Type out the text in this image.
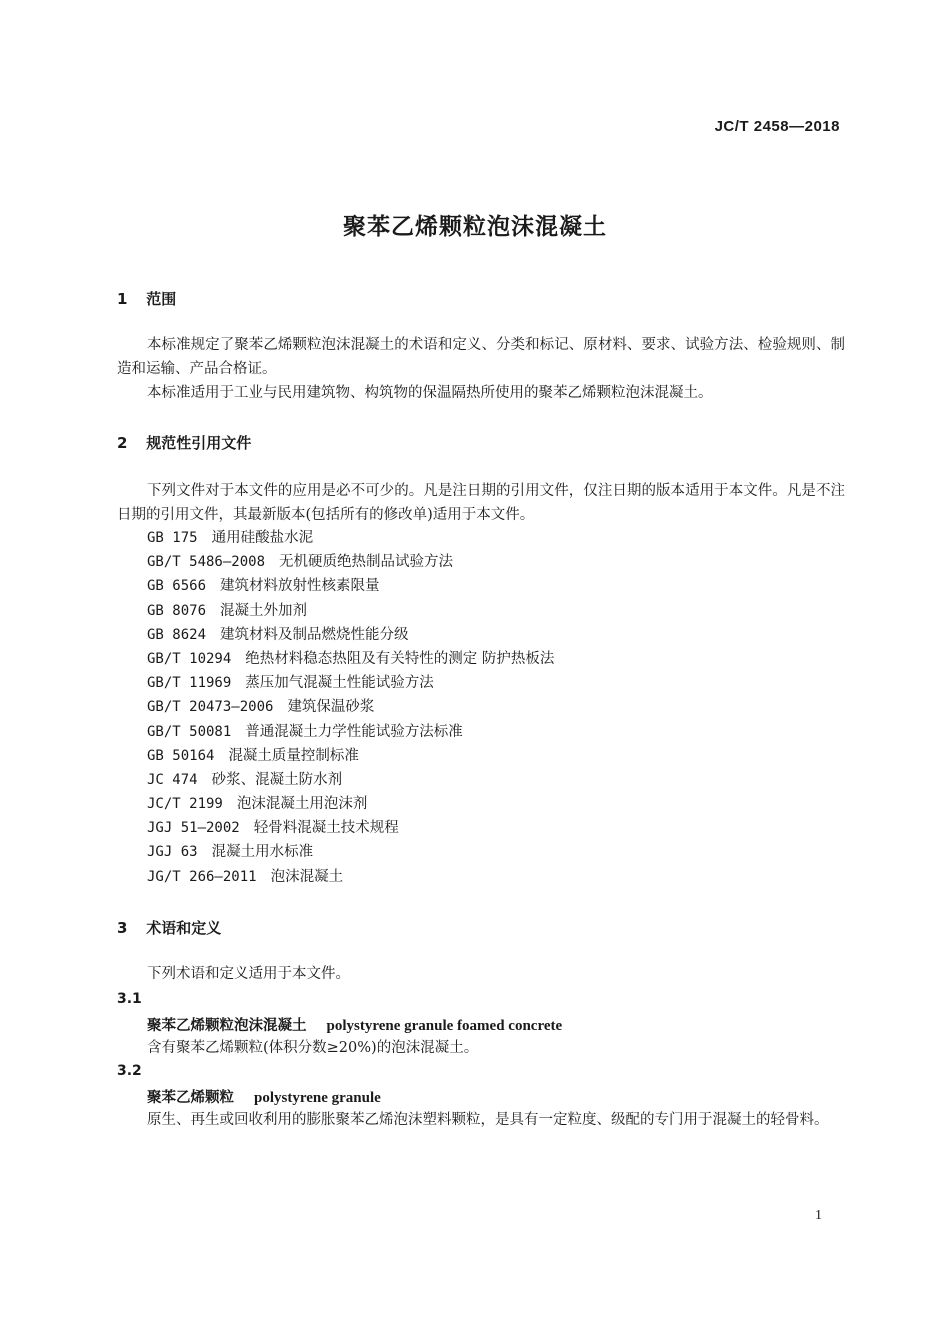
JC/T 2458—2018
聚苯乙烯颗粒泡沫混凝土
1 范围
本标准规定了聚苯乙烯颗粒泡沫混凝土的术语和定义、分类和标记、原材料、要求、试验方法、检验规则、制造和运输、产品合格证。
本标准适用于工业与民用建筑物、构筑物的保温隔热所使用的聚苯乙烯颗粒泡沫混凝土。
2 规范性引用文件
下列文件对于本文件的应用是必不可少的。凡是注日期的引用文件，仅注日期的版本适用于本文件。凡是不注日期的引用文件，其最新版本(包括所有的修改单)适用于本文件。
GB 175 通用硅酸盐水泥
GB/T 5486—2008 无机硬质绝热制品试验方法
GB 6566 建筑材料放射性核素限量
GB 8076 混凝土外加剂
GB 8624 建筑材料及制品燃烧性能分级
GB/T 10294 绝热材料稳态热阻及有关特性的测定 防护热板法
GB/T 11969 蒸压加气混凝土性能试验方法
GB/T 20473—2006 建筑保温砂浆
GB/T 50081 普通混凝土力学性能试验方法标准
GB 50164 混凝土质量控制标准
JC 474 砂浆、混凝土防水剂
JC/T 2199 泡沫混凝土用泡沫剂
JGJ 51—2002 轻骨料混凝土技术规程
JGJ 63 混凝土用水标准
JG/T 266—2011 泡沫混凝土
3 术语和定义
下列术语和定义适用于本文件。
3.1
聚苯乙烯颗粒泡沫混凝土 polystyrene granule foamed concrete
含有聚苯乙烯颗粒(体积分数≥20%)的泡沫混凝土。
3.2
聚苯乙烯颗粒 polystyrene granule
原生、再生或回收利用的膨胀聚苯乙烯泡沫塑料颗粒，是具有一定粒度、级配的专门用于混凝土的轻骨料。
1
